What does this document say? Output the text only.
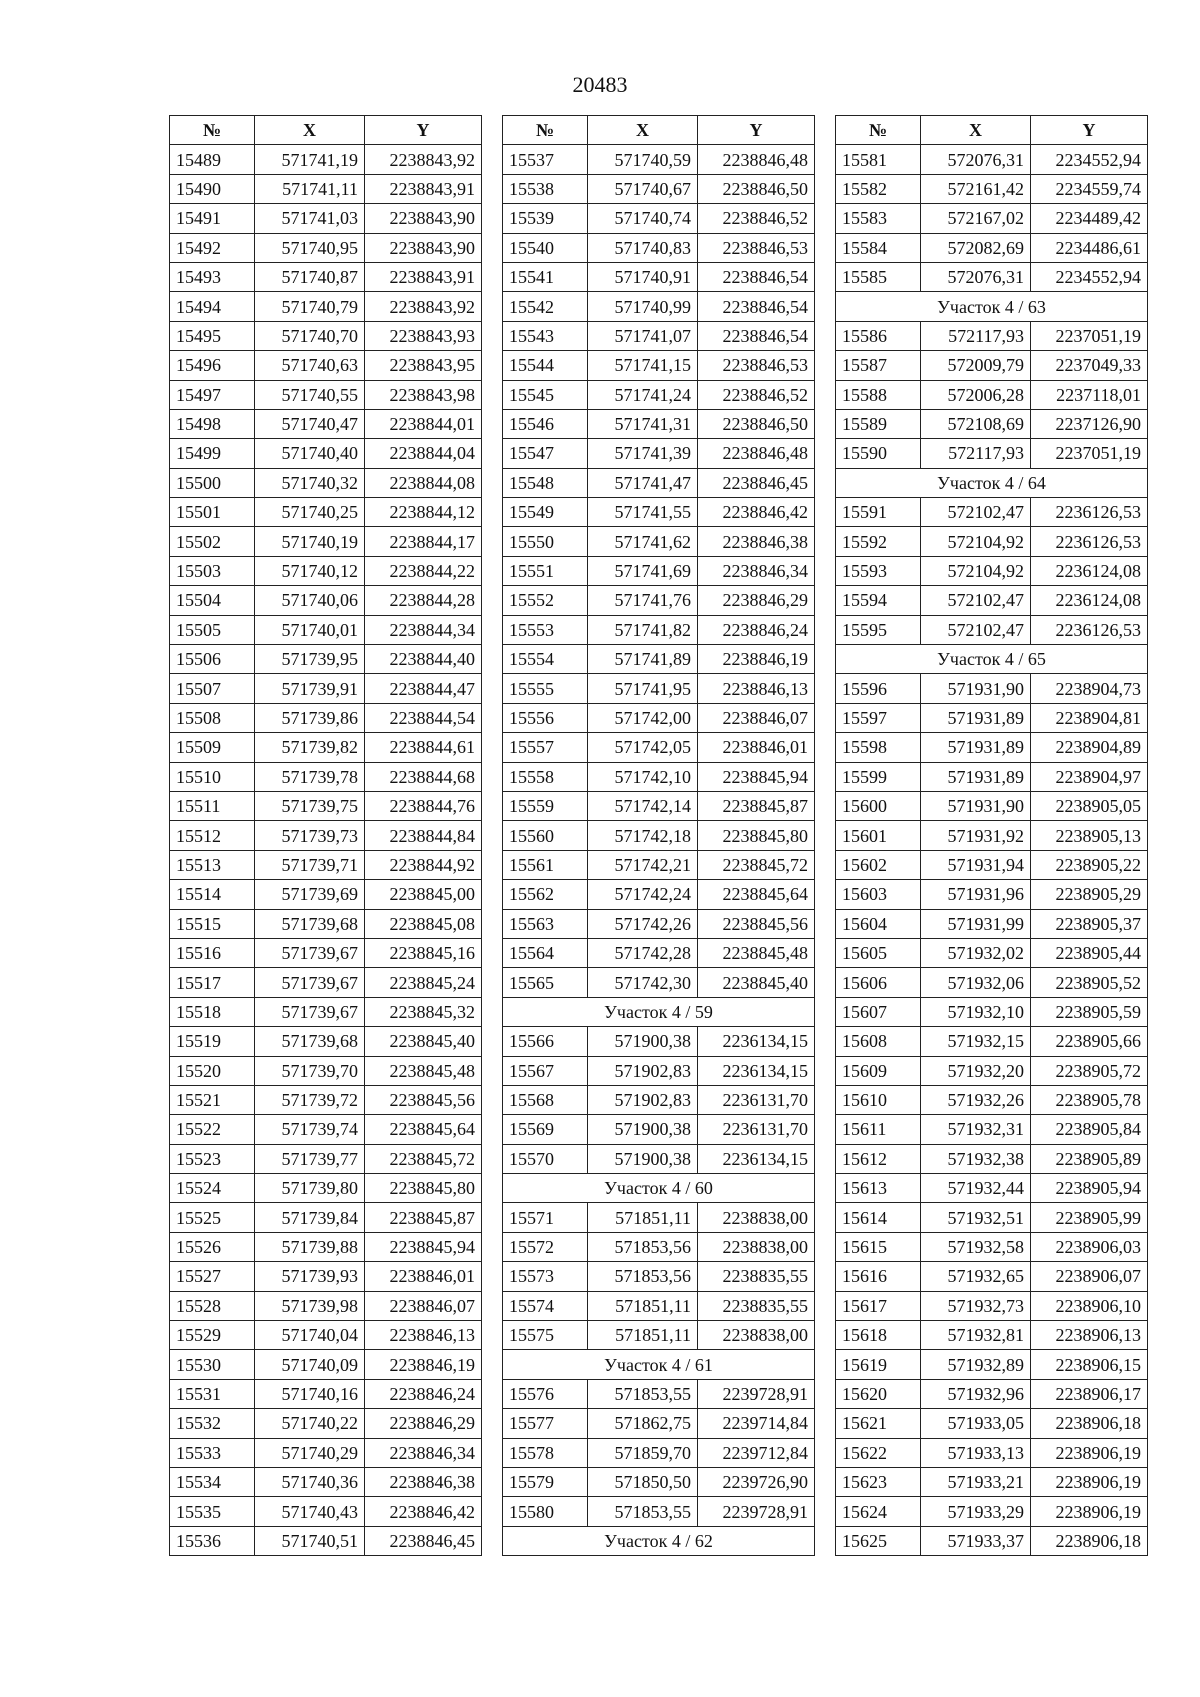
20483
№	X	Y
15489	571741,19	2238843,92
15490	571741,11	2238843,91
15491	571741,03	2238843,90
15492	571740,95	2238843,90
15493	571740,87	2238843,91
15494	571740,79	2238843,92
15495	571740,70	2238843,93
15496	571740,63	2238843,95
15497	571740,55	2238843,98
15498	571740,47	2238844,01
15499	571740,40	2238844,04
15500	571740,32	2238844,08
15501	571740,25	2238844,12
15502	571740,19	2238844,17
15503	571740,12	2238844,22
15504	571740,06	2238844,28
15505	571740,01	2238844,34
15506	571739,95	2238844,40
15507	571739,91	2238844,47
15508	571739,86	2238844,54
15509	571739,82	2238844,61
15510	571739,78	2238844,68
15511	571739,75	2238844,76
15512	571739,73	2238844,84
15513	571739,71	2238844,92
15514	571739,69	2238845,00
15515	571739,68	2238845,08
15516	571739,67	2238845,16
15517	571739,67	2238845,24
15518	571739,67	2238845,32
15519	571739,68	2238845,40
15520	571739,70	2238845,48
15521	571739,72	2238845,56
15522	571739,74	2238845,64
15523	571739,77	2238845,72
15524	571739,80	2238845,80
15525	571739,84	2238845,87
15526	571739,88	2238845,94
15527	571739,93	2238846,01
15528	571739,98	2238846,07
15529	571740,04	2238846,13
15530	571740,09	2238846,19
15531	571740,16	2238846,24
15532	571740,22	2238846,29
15533	571740,29	2238846,34
15534	571740,36	2238846,38
15535	571740,43	2238846,42
15536	571740,51	2238846,45
№	X	Y
15537	571740,59	2238846,48
15538	571740,67	2238846,50
15539	571740,74	2238846,52
15540	571740,83	2238846,53
15541	571740,91	2238846,54
15542	571740,99	2238846,54
15543	571741,07	2238846,54
15544	571741,15	2238846,53
15545	571741,24	2238846,52
15546	571741,31	2238846,50
15547	571741,39	2238846,48
15548	571741,47	2238846,45
15549	571741,55	2238846,42
15550	571741,62	2238846,38
15551	571741,69	2238846,34
15552	571741,76	2238846,29
15553	571741,82	2238846,24
15554	571741,89	2238846,19
15555	571741,95	2238846,13
15556	571742,00	2238846,07
15557	571742,05	2238846,01
15558	571742,10	2238845,94
15559	571742,14	2238845,87
15560	571742,18	2238845,80
15561	571742,21	2238845,72
15562	571742,24	2238845,64
15563	571742,26	2238845,56
15564	571742,28	2238845,48
15565	571742,30	2238845,40
Участок 4 / 59		
15566	571900,38	2236134,15
15567	571902,83	2236134,15
15568	571902,83	2236131,70
15569	571900,38	2236131,70
15570	571900,38	2236134,15
Участок 4 / 60		
15571	571851,11	2238838,00
15572	571853,56	2238838,00
15573	571853,56	2238835,55
15574	571851,11	2238835,55
15575	571851,11	2238838,00
Участок 4 / 61		
15576	571853,55	2239728,91
15577	571862,75	2239714,84
15578	571859,70	2239712,84
15579	571850,50	2239726,90
15580	571853,55	2239728,91
Участок 4 / 62		
№	X	Y
15581	572076,31	2234552,94
15582	572161,42	2234559,74
15583	572167,02	2234489,42
15584	572082,69	2234486,61
15585	572076,31	2234552,94
Участок 4 / 63		
15586	572117,93	2237051,19
15587	572009,79	2237049,33
15588	572006,28	2237118,01
15589	572108,69	2237126,90
15590	572117,93	2237051,19
Участок 4 / 64		
15591	572102,47	2236126,53
15592	572104,92	2236126,53
15593	572104,92	2236124,08
15594	572102,47	2236124,08
15595	572102,47	2236126,53
Участок 4 / 65		
15596	571931,90	2238904,73
15597	571931,89	2238904,81
15598	571931,89	2238904,89
15599	571931,89	2238904,97
15600	571931,90	2238905,05
15601	571931,92	2238905,13
15602	571931,94	2238905,22
15603	571931,96	2238905,29
15604	571931,99	2238905,37
15605	571932,02	2238905,44
15606	571932,06	2238905,52
15607	571932,10	2238905,59
15608	571932,15	2238905,66
15609	571932,20	2238905,72
15610	571932,26	2238905,78
15611	571932,31	2238905,84
15612	571932,38	2238905,89
15613	571932,44	2238905,94
15614	571932,51	2238905,99
15615	571932,58	2238906,03
15616	571932,65	2238906,07
15617	571932,73	2238906,10
15618	571932,81	2238906,13
15619	571932,89	2238906,15
15620	571932,96	2238906,17
15621	571933,05	2238906,18
15622	571933,13	2238906,19
15623	571933,21	2238906,19
15624	571933,29	2238906,19
15625	571933,37	2238906,18
